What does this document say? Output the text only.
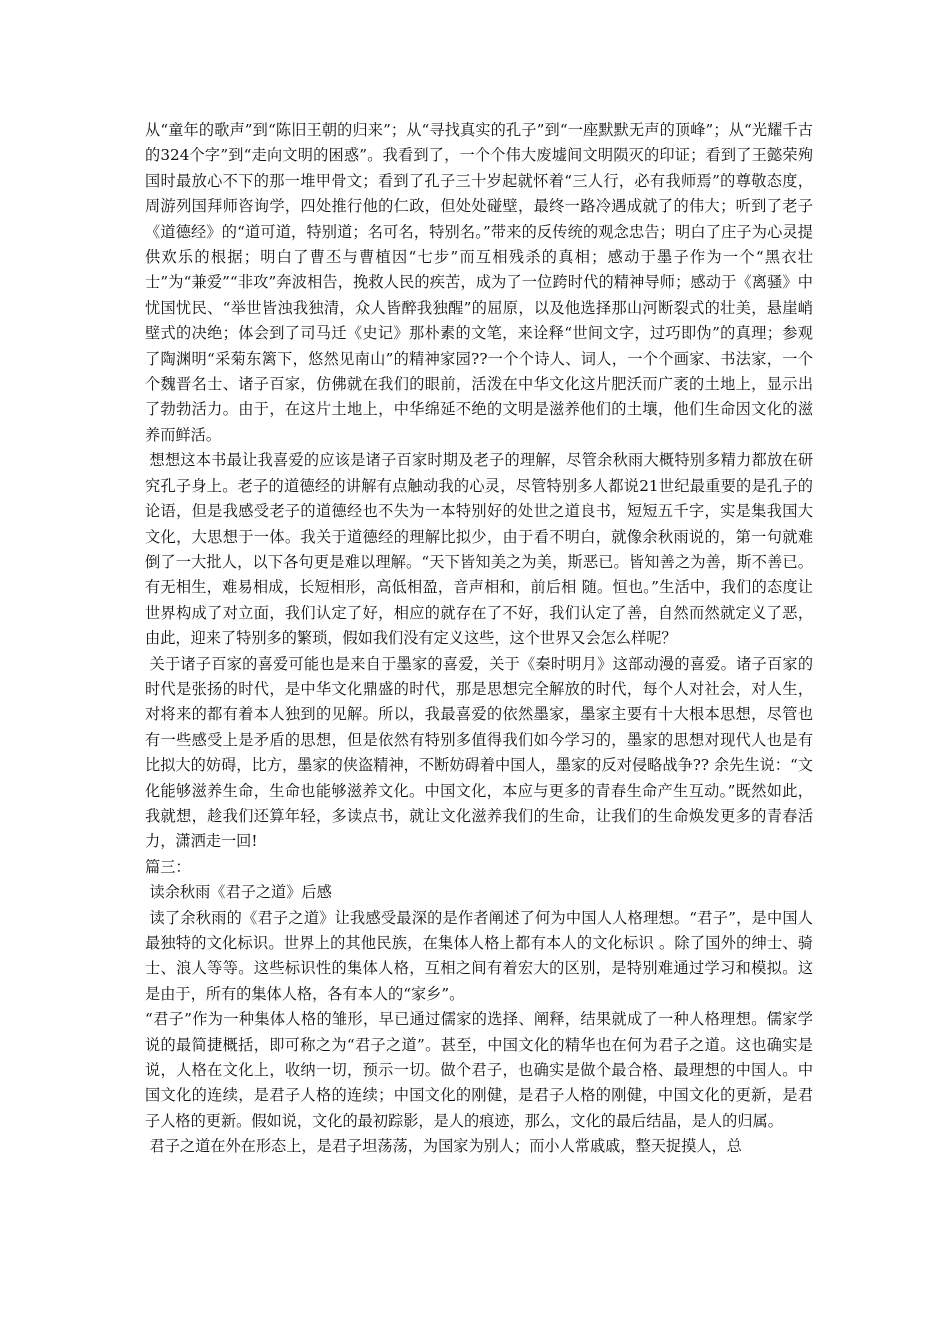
从“童年的歌声”到“陈旧王朝的归来”；从“寻找真实的孔子”到“一座默默无声的顶峰”；从“光耀千古的324个字”到“走向文明的困惑”。我看到了，一个个伟大废墟间文明陨灭的印证；看到了王懿荣殉国时最放心不下的那一堆甲骨文；看到了孔子三十岁起就怀着“三人行，必有我师焉”的尊敬态度，周游列国拜师咨询学，四处推行他的仁政，但处处碰壁，最终一路冷遇成就了的伟大；听到了老子《道德经》的“道可道，特别道；名可名，特别名。”带来的反传统的观念忠告；明白了庄子为心灵提供欢乐的根据；明白了曹丕与曹植因“七步”而互相残杀的真相；感动于墨子作为一个“黑衣壮士”为“兼爱”“非攻”奔波相告，挽救人民的疾苦，成为了一位跨时代的精神导师；感动于《离骚》中忧国忧民、“举世皆浊我独清，众人皆醉我独醒”的屈原，以及他选择那山河断裂式的壮美，悬崖峭壁式的决绝；体会到了司马迁《史记》那朴素的文笔，来诠释“世间文字，过巧即伪”的真理；参观了陶渊明“采菊东篱下，悠然见南山”的精神家园??一个个诗人、词人，一个个画家、书法家，一个个魏晋名士、诸子百家，仿佛就在我们的眼前，活泼在中华文化这片肥沃而广袤的土地上，显示出了勃勃活力。由于，在这片土地上，中华绵延不绝的文明是滋养他们的土壤，他们生命因文化的滋养而鲜活。

想想这本书最让我喜爱的应该是诸子百家时期及老子的理解，尽管余秋雨大概特别多精力都放在研究孔子身上。老子的道德经的讲解有点触动我的心灵，尽管特别多人都说21世纪最重要的是孔子的论语，但是我感受老子的道德经也不失为一本特别好的处世之道良书，短短五千字，实是集我国大文化，大思想于一体。我关于道德经的理解比拟少，由于看不明白，就像余秋雨说的，第一句就难倒了一大批人，以下各句更是难以理解。“天下皆知美之为美，斯恶已。皆知善之为善，斯不善已。有无相生，难易相成，长短相形，高低相盈，音声相和，前后相 随。恒也。”生活中，我们的态度让世界构成了对立面，我们认定了好，相应的就存在了不好，我们认定了善，自然而然就定义了恶，由此，迎来了特别多的繁琐，假如我们没有定义这些，这个世界又会怎么样呢？

关于诸子百家的喜爱可能也是来自于墨家的喜爱，关于《秦时明月》这部动漫的喜爱。诸子百家的时代是张扬的时代，是中华文化鼎盛的时代，那是思想完全解放的时代，每个人对社会，对人生，对将来的都有着本人独到的见解。所以，我最喜爱的依然墨家，墨家主要有十大根本思想，尽管也有一些感受上是矛盾的思想，但是依然有特别多值得我们如今学习的，墨家的思想对现代人也是有比拟大的妨碍，比方，墨家的侠盗精神，不断妨碍着中国人，墨家的反对侵略战争?? 余先生说：“文化能够滋养生命，生命也能够滋养文化。中国文化，本应与更多的青春生命产生互动。”既然如此，我就想，趁我们还算年轻，多读点书，就让文化滋养我们的生命，让我们的生命焕发更多的青春活力，潇洒走一回!

篇三：

读余秋雨《君子之道》后感

读了余秋雨的《君子之道》让我感受最深的是作者阐述了何为中国人人格理想。“君子”，是中国人最独特的文化标识。世界上的其他民族，在集体人格上都有本人的文化标识 。除了国外的绅士、骑士、浪人等等。这些标识性的集体人格，互相之间有着宏大的区别，是特别难通过学习和模拟。这是由于，所有的集体人格，各有本人的“家乡”。

“君子”作为一种集体人格的雏形，早已通过儒家的选择、阐释，结果就成了一种人格理想。儒家学说的最简捷概括，即可称之为“君子之道”。甚至，中国文化的精华也在何为君子之道。这也确实是说，人格在文化上，收纳一切，预示一切。做个君子，也确实是做个最合格、最理想的中国人。中国文化的连续，是君子人格的连续；中国文化的刚健，是君子人格的刚健，中国文化的更新，是君子人格的更新。假如说，文化的最初踪影，是人的痕迹，那么，文化的最后结晶，是人的归属。

君子之道在外在形态上，是君子坦荡荡，为国家为别人；而小人常戚戚，整天捉摸人，总
